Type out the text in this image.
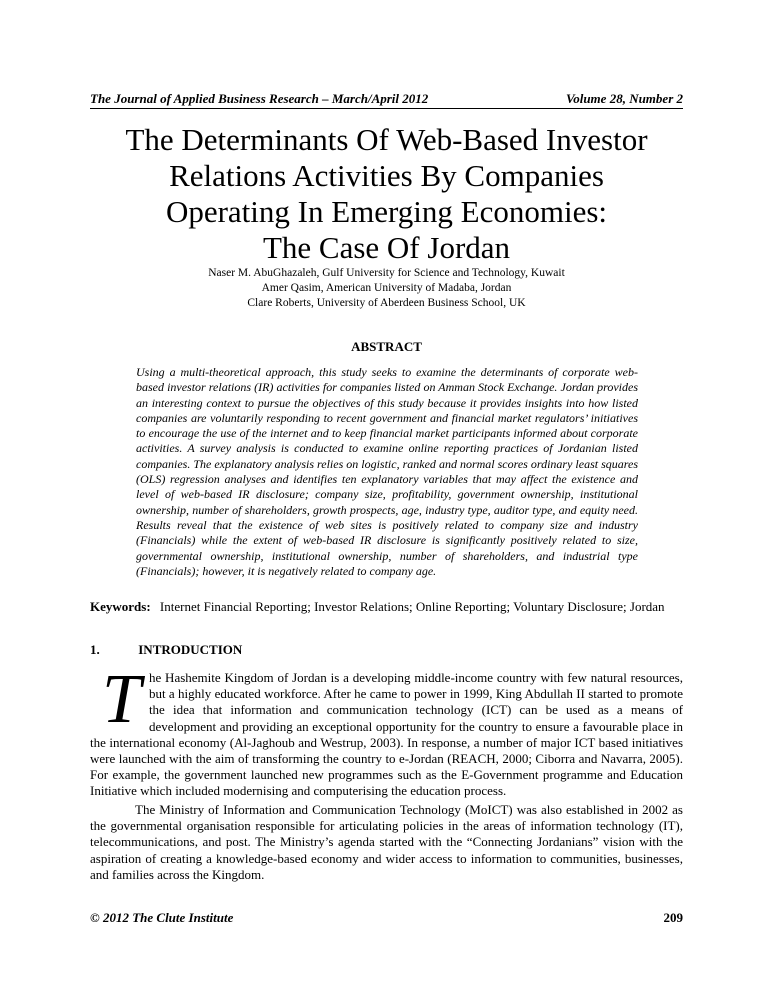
The Journal of Applied Business Research – March/April 2012	Volume 28, Number 2
The Determinants Of Web-Based Investor
Relations Activities By Companies
Operating In Emerging Economies:
The Case Of Jordan
Naser M. AbuGhazaleh, Gulf University for Science and Technology, Kuwait
Amer Qasim, American University of Madaba, Jordan
Clare Roberts, University of Aberdeen Business School, UK
ABSTRACT
Using a multi-theoretical approach, this study seeks to examine the determinants of corporate web-based investor relations (IR) activities for companies listed on Amman Stock Exchange. Jordan provides an interesting context to pursue the objectives of this study because it provides insights into how listed companies are voluntarily responding to recent government and financial market regulators’ initiatives to encourage the use of the internet and to keep financial market participants informed about corporate activities. A survey analysis is conducted to examine online reporting practices of Jordanian listed companies. The explanatory analysis relies on logistic, ranked and normal scores ordinary least squares (OLS) regression analyses and identifies ten explanatory variables that may affect the existence and level of web-based IR disclosure; company size, profitability, government ownership, institutional ownership, number of shareholders, growth prospects, age, industry type, auditor type, and equity need. Results reveal that the existence of web sites is positively related to company size and industry (Financials) while the extent of web-based IR disclosure is significantly positively related to size, governmental ownership, institutional ownership, number of shareholders, and industrial type (Financials); however, it is negatively related to company age.
Keywords: Internet Financial Reporting; Investor Relations; Online Reporting; Voluntary Disclosure; Jordan
1.	INTRODUCTION
T he Hashemite Kingdom of Jordan is a developing middle-income country with few natural resources, but a highly educated workforce. After he came to power in 1999, King Abdullah II started to promote the idea that information and communication technology (ICT) can be used as a means of development and providing an exceptional opportunity for the country to ensure a favourable place in the international economy (Al-Jaghoub and Westrup, 2003). In response, a number of major ICT based initiatives were launched with the aim of transforming the country to e-Jordan (REACH, 2000; Ciborra and Navarra, 2005). For example, the government launched new programmes such as the E-Government programme and Education Initiative which included modernising and computerising the education process.

The Ministry of Information and Communication Technology (MoICT) was also established in 2002 as the governmental organisation responsible for articulating policies in the areas of information technology (IT), telecommunications, and post. The Ministry’s agenda started with the “Connecting Jordanians” vision with the aspiration of creating a knowledge-based economy and wider access to information to communities, businesses, and families across the Kingdom.

© 2012 The Clute Institute	209
